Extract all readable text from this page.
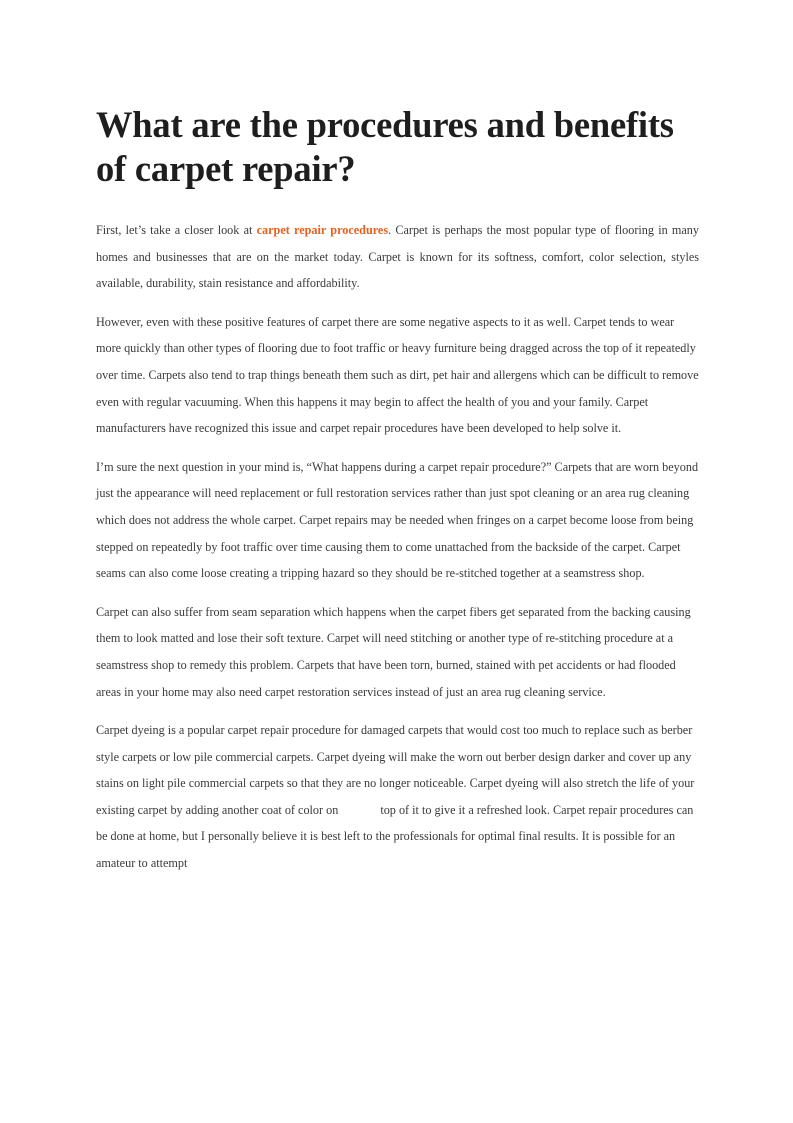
What are the procedures and benefits of carpet repair?

First, let’s take a closer look at carpet repair procedures. Carpet is perhaps the most popular type of flooring in many homes and businesses that are on the market today. Carpet is known for its softness, comfort, color selection, styles available, durability, stain resistance and affordability.

However, even with these positive features of carpet there are some negative aspects to it as well. Carpet tends to wear more quickly than other types of flooring due to foot traffic or heavy furniture being dragged across the top of it repeatedly over time. Carpets also tend to trap things beneath them such as dirt, pet hair and allergens which can be difficult to remove even with regular vacuuming. When this happens it may begin to affect the health of you and your family. Carpet manufacturers have recognized this issue and carpet repair procedures have been developed to help solve it.

I’m sure the next question in your mind is, “What happens during a carpet repair procedure?” Carpets that are worn beyond just the appearance will need replacement or full restoration services rather than just spot cleaning or an area rug cleaning which does not address the whole carpet. Carpet repairs may be needed when fringes on a carpet become loose from being stepped on repeatedly by foot traffic over time causing them to come unattached from the backside of the carpet. Carpet seams can also come loose creating a tripping hazard so they should be re-stitched together at a seamstress shop.

Carpet can also suffer from seam separation which happens when the carpet fibers get separated from the backing causing them to look matted and lose their soft texture. Carpet will need stitching or another type of re-stitching procedure at a seamstress shop to remedy this problem. Carpets that have been torn, burned, stained with pet accidents or had flooded areas in your home may also need carpet restoration services instead of just an area rug cleaning service.

Carpet dyeing is a popular carpet repair procedure for damaged carpets that would cost too much to replace such as berber style carpets or low pile commercial carpets. Carpet dyeing will make the worn out berber design darker and cover up any stains on light pile commercial carpets so that they are no longer noticeable. Carpet dyeing will also stretch the life of your existing carpet by adding another coat of color on	top of it to give it a refreshed look. Carpet repair procedures can be done at home, but I personally believe it is best left to the professionals for optimal final results. It is possible for an amateur to attempt
